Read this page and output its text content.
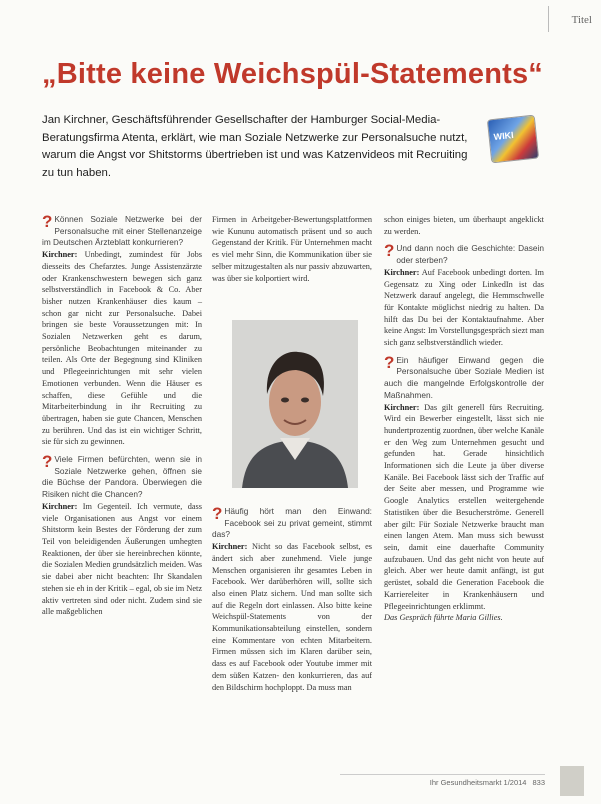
Titel
„Bitte keine Weichspül-Statements“
Jan Kirchner, Geschäftsführender Gesellschafter der Hamburger Social-Media-Beratungsfirma Atenta, erklärt, wie man Soziale Netzwerke zur Personalsuche nutzt, warum die Angst vor Shitstorms übertrieben ist und was Katzenvideos mit Recruiting zu tun haben.
WIKI

? Können Soziale Netzwerke bei der Personalsuche mit einer Stellenanzeige im Deutschen Ärzteblatt konkurrieren?

Kirchner: Unbedingt, zumindest für Jobs diesseits des Chefarztes. Junge Assistenzärzte oder Krankenschwestern bewegen sich ganz selbstverständlich in Facebook & Co. Aber bisher nutzen Krankenhäuser dies kaum – schon gar nicht zur Personalsuche. Dabei bringen sie beste Voraussetzungen mit: In Sozialen Netzwerken geht es darum, persönliche Beobachtungen miteinander zu teilen. Als Orte der Begegnung sind Kliniken und Pflegeeinrichtungen mit sehr vielen Emotionen verbunden. Wenn die Häuser es schaffen, diese Gefühle und die Mitarbeiterbindung in ihr Recruiting zu übertragen, haben sie gute Chancen, Menschen zu berühren. Und das ist ein wichtiger Schritt, sie für sich zu gewinnen.

? Viele Firmen befürchten, wenn sie in Soziale Netzwerke gehen, öffnen sie die Büchse der Pandora. Überwiegen die Risiken nicht die Chancen?

Kirchner: Im Gegenteil. Ich vermute, dass viele Organisationen aus Angst vor einem Shitstorm kein Bestes der Förderung der zum Teil von beleidigenden Äußerungen umhegten Reaktionen, der über sie hereinbrechen könnte, die Sozialen Medien grundsätzlich meiden. Was sie dabei aber nicht beachten: Ihr Skandalen stehen sie eh in der Kritik – egal, ob sie im Netz aktiv vertreten sind oder nicht. Zudem sind sie alle maßgeblichen

Firmen in Arbeitgeber-Bewertungsplattformen wie Kununu automatisch präsent und so auch Gegenstand der Kritik. Für Unternehmen macht es viel mehr Sinn, die Kommunikation über sie selber mitzugestalten als nur passiv abzuwarten, was über sie kolportiert wird.

? Häufig hört man den Einwand: Facebook sei zu privat gemeint, stimmt das?

Kirchner: Nicht so das Facebook selbst, es ändert sich aber zunehmend. Viele junge Menschen organisieren ihr gesamtes Leben in Facebook. Wer darüberhören will, sollte sich also einen Platz sichern. Und man sollte sich auf die Regeln dort einlassen. Also bitte keine Weichspül-Statements von der Kommunikationsabteilung einstellen, sondern eine Kommentare von echten Mitarbeitern. Firmen müssen sich im Klaren darüber sein, dass es auf Facebook oder Youtube immer mit dem süßen Katzen- den konkurrieren, das auf den Bildschirm hochploppt. Da muss man

schon einiges bieten, um überhaupt angeklickt zu werden.

? Und dann noch die Geschichte: Dasein oder sterben?

Kirchner: Auf Facebook unbedingt dorten. Im Gegensatz zu Xing oder LinkedIn ist das Netzwerk darauf angelegt, die Hemmschwelle für Kontakte möglichst niedrig zu halten. Da hilft das Du bei der Kontaktaufnahme. Aber keine Angst: Im Vorstellungsgespräch siezt man sich ganz selbstverständlich wieder.

? Ein häufiger Einwand gegen die Personalsuche über Soziale Medien ist auch die mangelnde Erfolgskontrolle der Maßnahmen.

Kirchner: Das gilt generell fürs Recruiting. Wird ein Bewerber eingestellt, lässt sich nie hundertprozentig zuordnen, über welche Kanäle er den Weg zum Unternehmen gesucht und gefunden hat. Gerade hinsichtlich Informationen sich die Leute ja über diverse Kanäle. Bei Facebook lässt sich der Traffic auf der Seite aber messen, und Programme wie Google Analytics erstellen weitergehende Statistiken über die Besucherströme. Generell aber gilt: Für Soziale Netzwerke braucht man einen langen Atem. Man muss sich bewusst sein, damit eine dauerhafte Community aufzubauen. Und das geht nicht von heute auf gleich. Aber wer heute damit anfängt, ist gut gerüstet, sobald die Generation Facebook die Karriereleiter in Krankenhäusern und Pflegeeinrichtungen erklimmt.

Das Gespräch führte Maria Gillies.

Ihr Gesundheitsmarkt 1/2014 833
